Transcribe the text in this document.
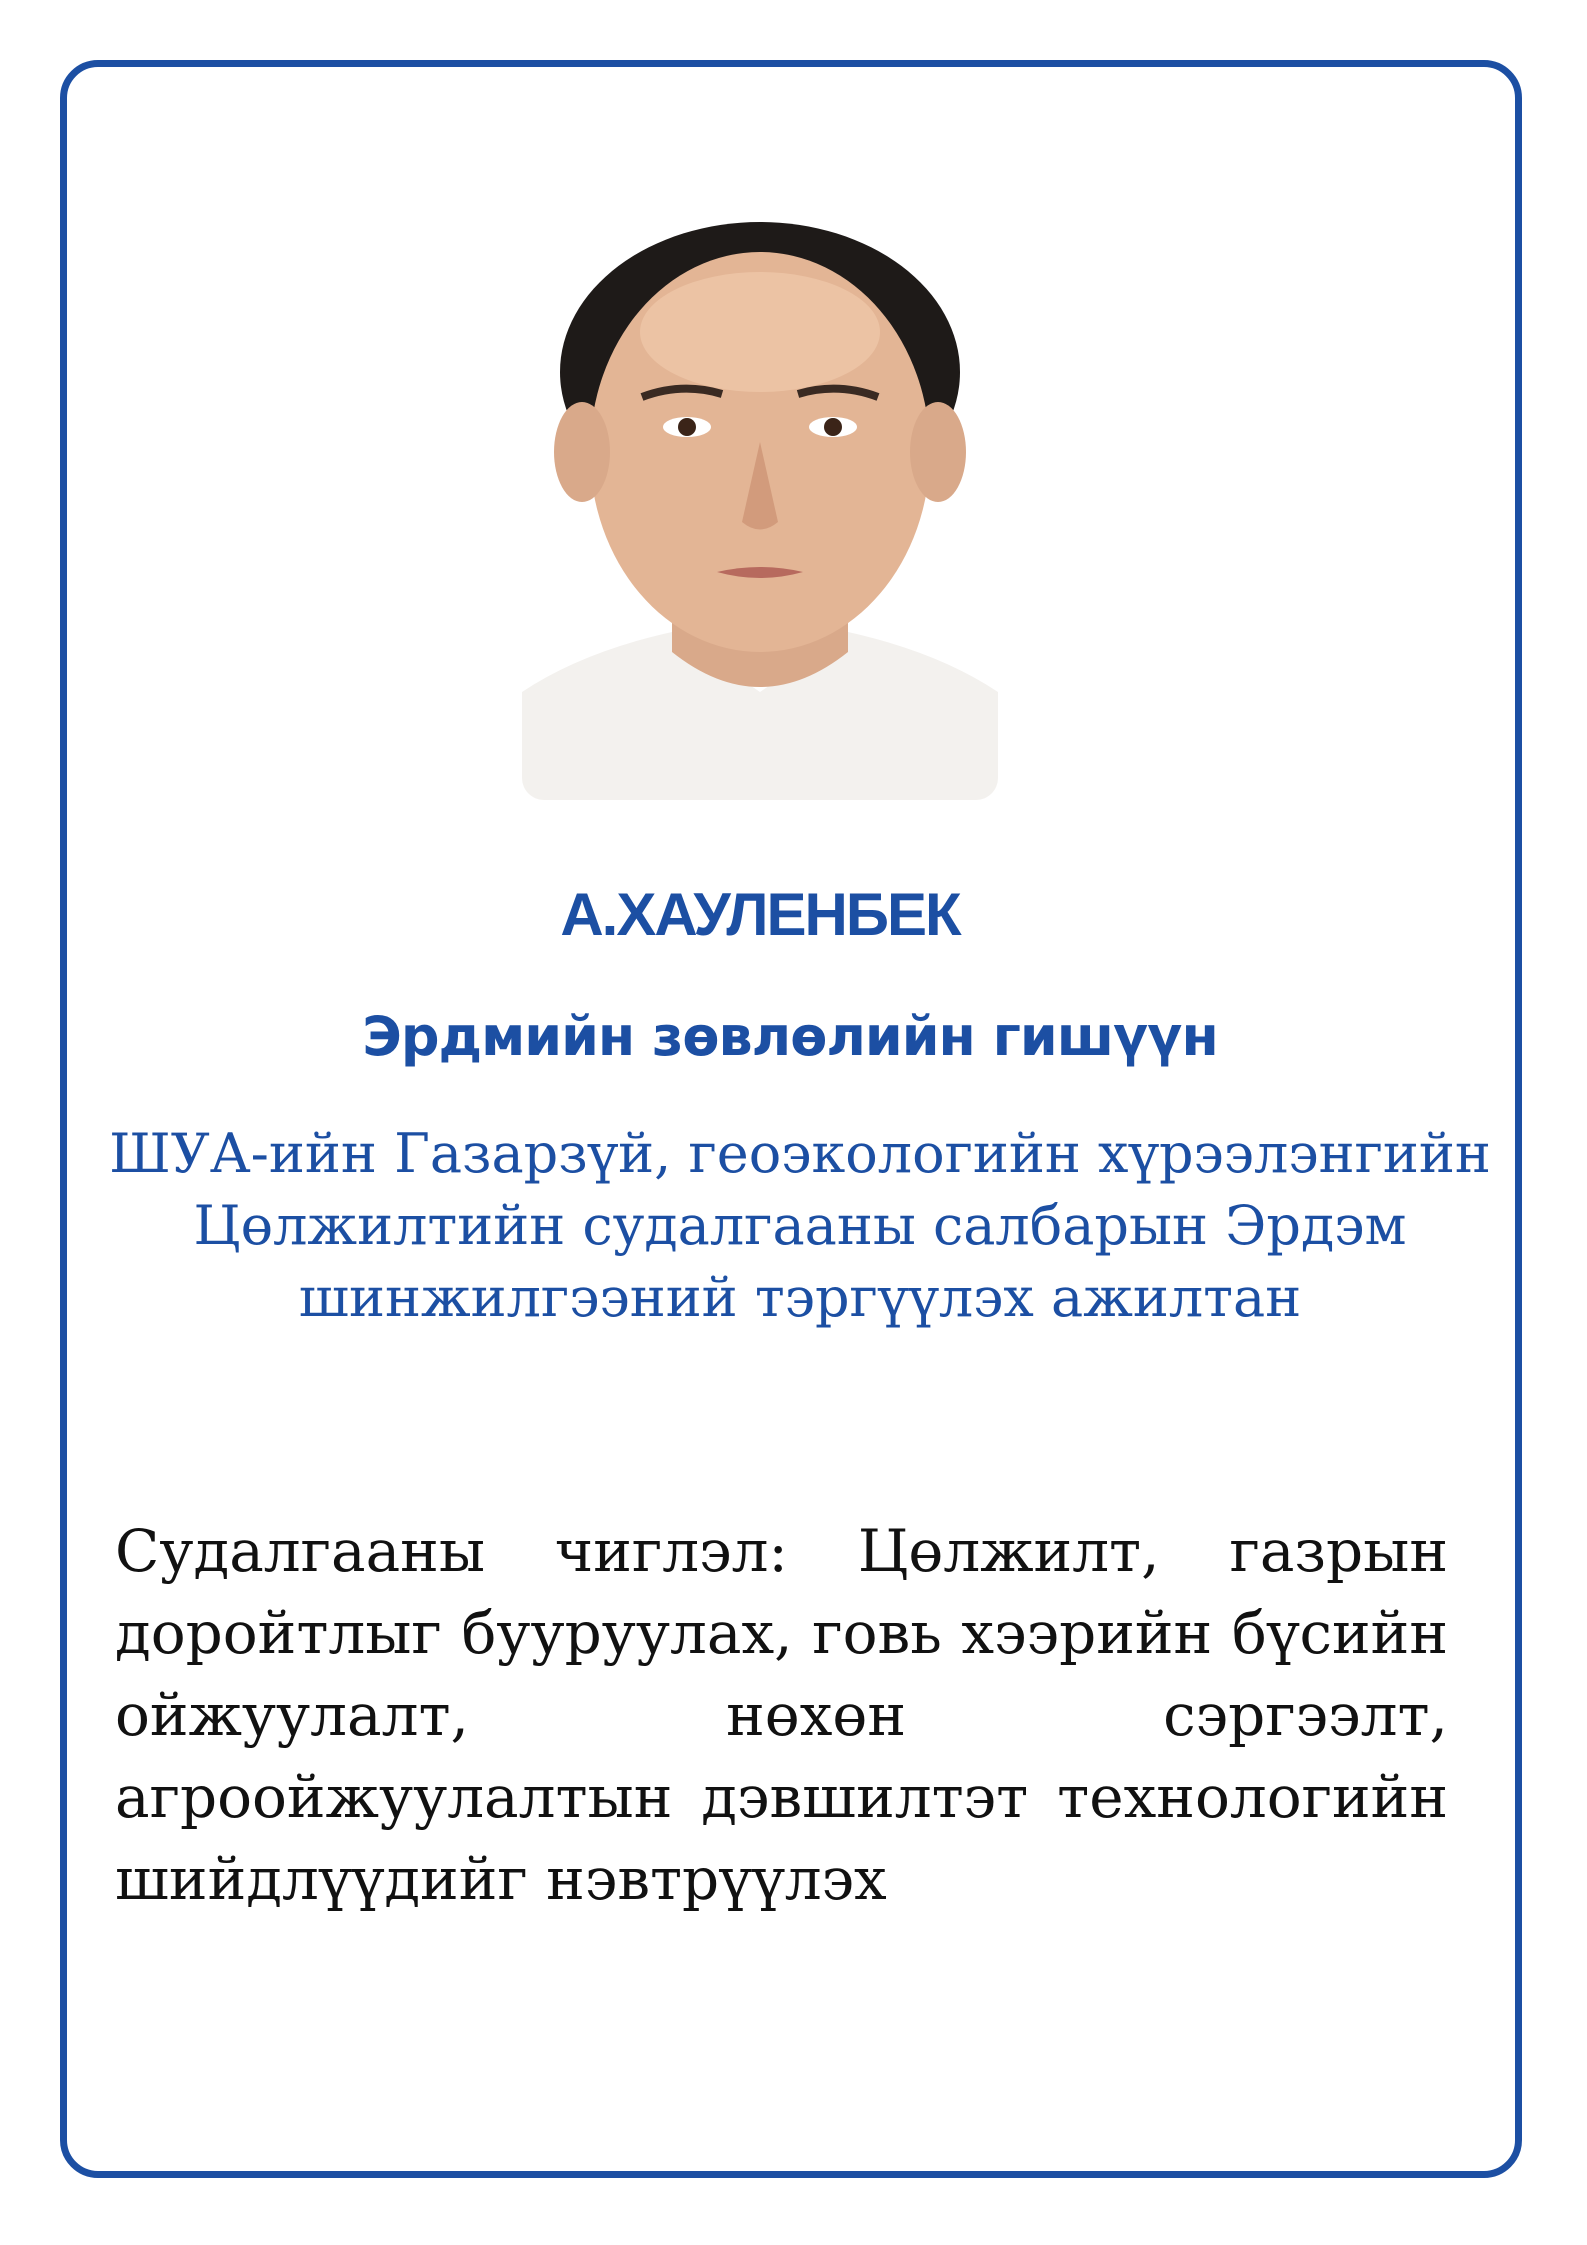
А.ХАУЛЕНБЕК
Эрдмийн зөвлөлийн гишүүн
ШУА-ийн Газарзүй, геоэкологийн хүрээлэнгийн Цөлжилтийн судалгааны салбарын Эрдэм шинжилгээний тэргүүлэх ажилтан
Судалгааны чиглэл: Цөлжилт, газрын доройтлыг бууруулах, говь хээрийн бүсийн ойжуулалт, нөхөн сэргээлт, агроойжуулалтын дэвшилтэт технологийн шийдлүүдийг нэвтрүүлэх
